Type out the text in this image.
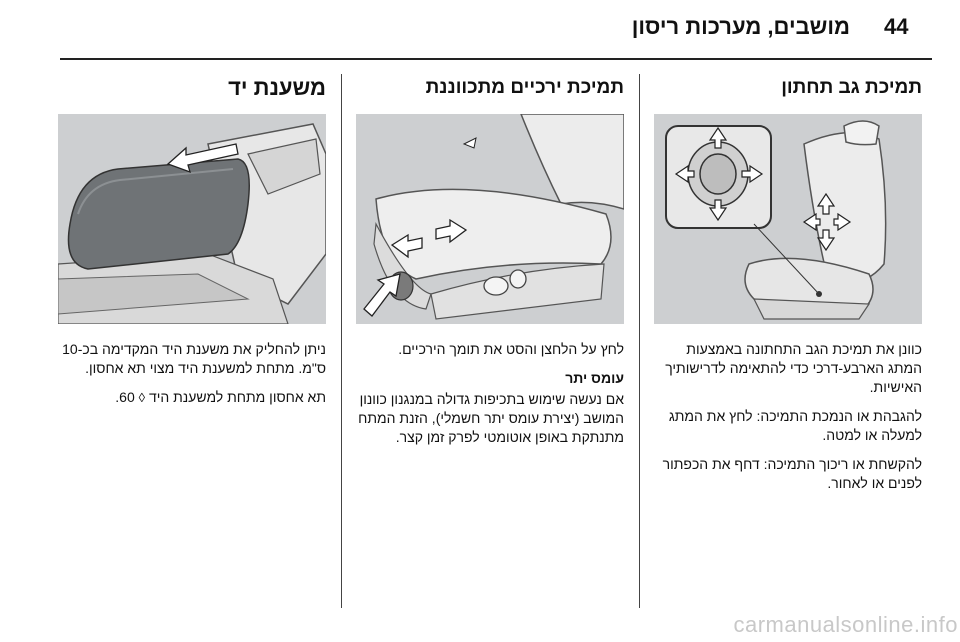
44
מושבים, מערכות ריסון
תמיכת גב תחתון

כוונן את תמיכת הגב התחתונה באמצעות המתג הארבע-דרכי כדי להתאימה לדרישותיך האישיות.

להגבהת או הנמכת התמיכה: לחץ את המתג למעלה או למטה.

להקשחת או ריכוך התמיכה: דחף את הכפתור לפנים או לאחור.

תמיכת ירכיים מתכווננת

לחץ על הלחצן והסט את תומך הירכיים.

עומס יתר

אם נעשה שימוש בתכיפות גדולה במנגנון כוונון המושב (יצירת עומס יתר חשמלי), הזנת המתח מתנתקת באופן אוטומטי לפרק זמן קצר.

משענת יד

ניתן להחליק את משענת היד המקדימה בכ-10 ס"מ. מתחת למשענת היד מצוי תא אחסון.

תא אחסון מתחת למשענת היד ◊ 60.

carmanualsonline.info
